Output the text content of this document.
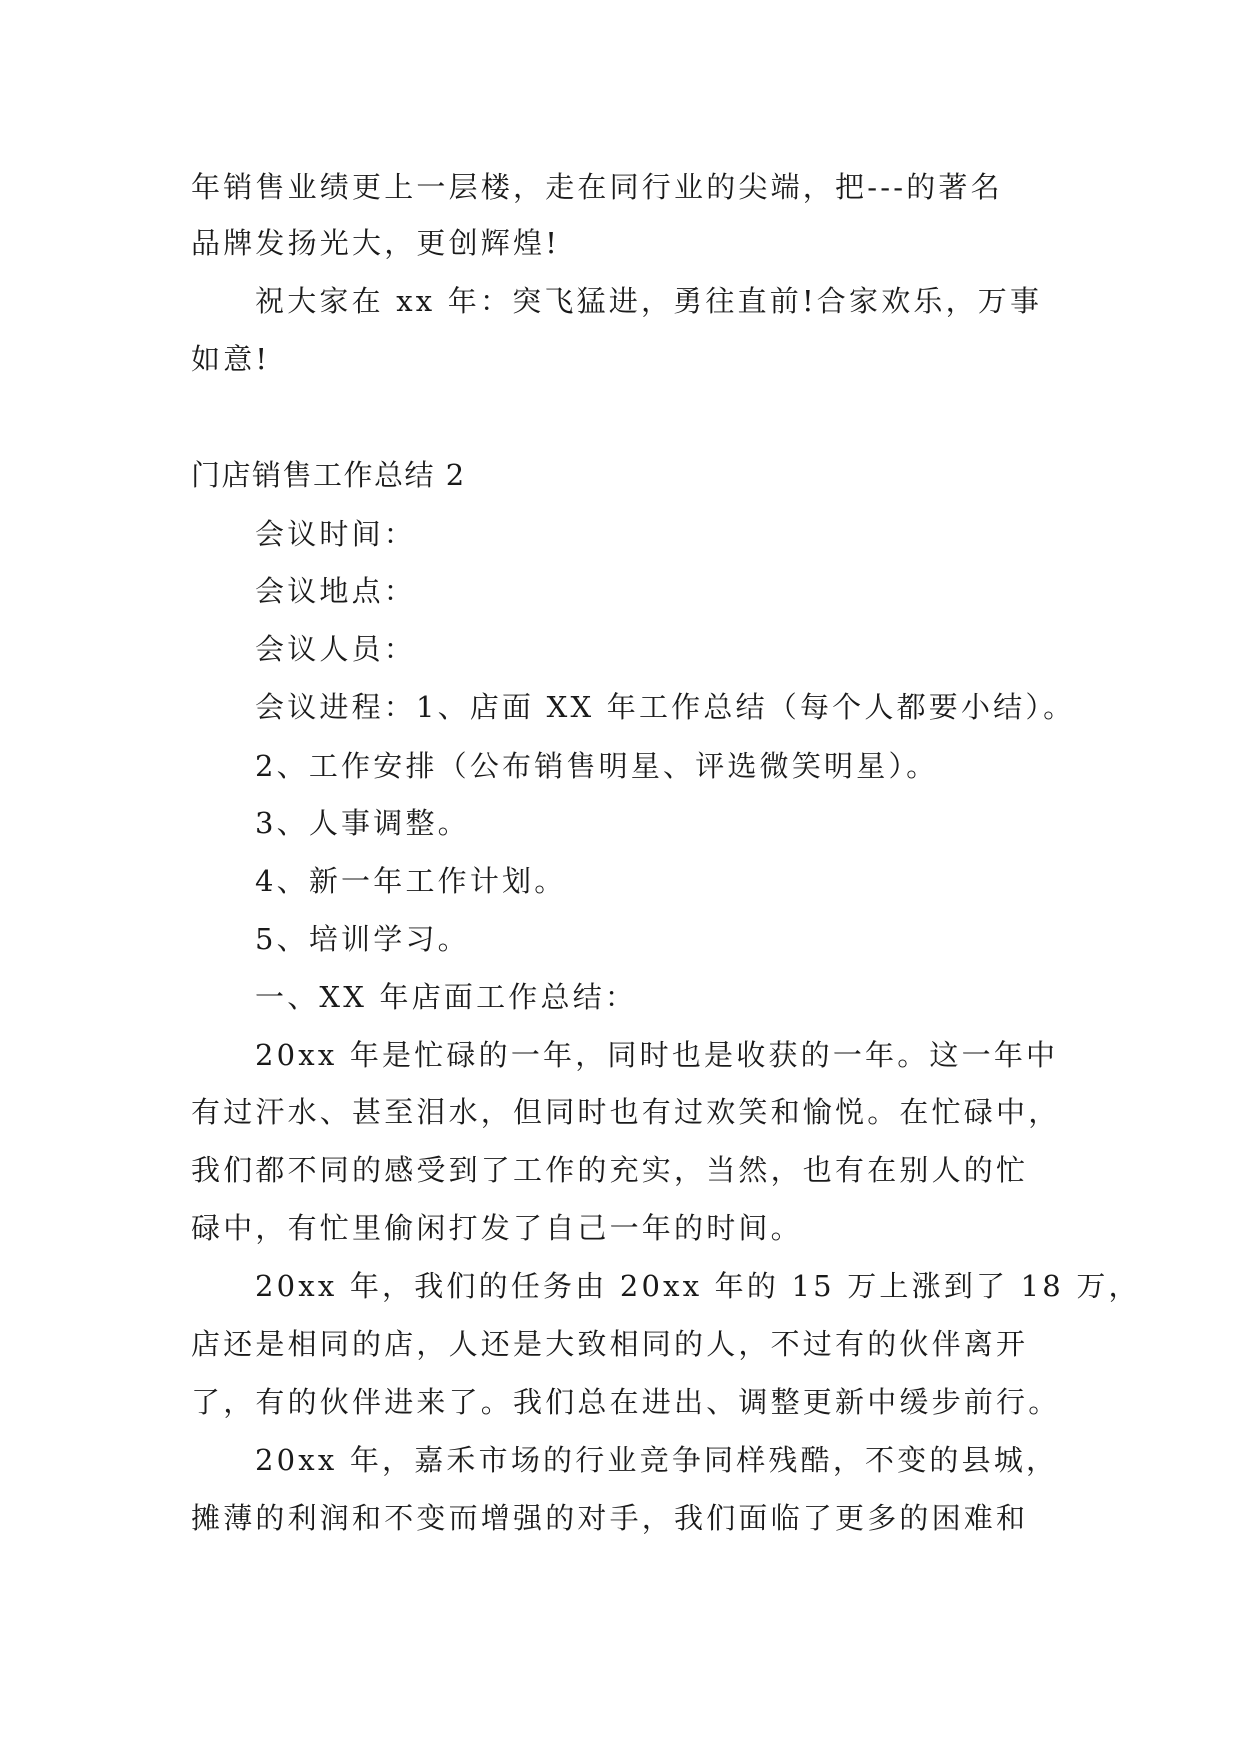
年销售业绩更上一层楼，走在同行业的尖端，把---的著名
品牌发扬光大，更创辉煌!
祝大家在 xx 年：突飞猛进，勇往直前!合家欢乐，万事
如意!
门店销售工作总结 2
会议时间：
会议地点：
会议人员：
会议进程：1、店面 XX 年工作总结（每个人都要小结）。
2、工作安排（公布销售明星、评选微笑明星）。
3、人事调整。
4、新一年工作计划。
5、培训学习。
一、XX 年店面工作总结：
20xx 年是忙碌的一年，同时也是收获的一年。这一年中
有过汗水、甚至泪水，但同时也有过欢笑和愉悦。在忙碌中，
我们都不同的感受到了工作的充实，当然，也有在别人的忙
碌中，有忙里偷闲打发了自己一年的时间。
20xx 年，我们的任务由 20xx 年的 15 万上涨到了 18 万，
店还是相同的店，人还是大致相同的人，不过有的伙伴离开
了，有的伙伴进来了。我们总在进出、调整更新中缓步前行。
20xx 年，嘉禾市场的行业竞争同样残酷，不变的县城，
摊薄的利润和不变而增强的对手，我们面临了更多的困难和
